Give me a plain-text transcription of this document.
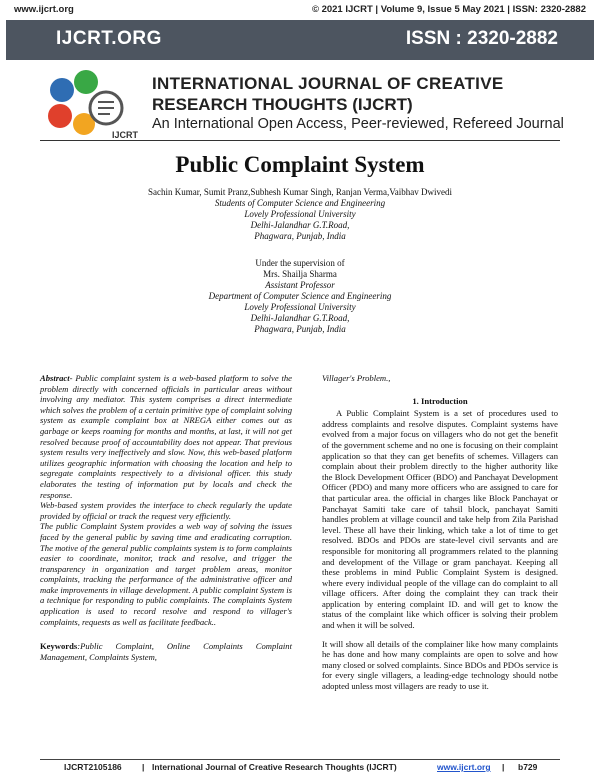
www.ijcrt.org	© 2021 IJCRT | Volume 9, Issue 5 May 2021 | ISSN: 2320-2882
IJCRT.ORG	ISSN : 2320-2882
IJCRT
INTERNATIONAL JOURNAL OF CREATIVE
RESEARCH THOUGHTS (IJCRT)
An International Open Access, Peer-reviewed, Refereed Journal
Public Complaint System
Sachin Kumar, Sumit Pranz,Subhesh Kumar Singh, Ranjan Verma,Vaibhav Dwivedi
Students of Computer Science and Engineering
Lovely Professional University
Delhi-Jalandhar G.T.Road,
Phagwara, Punjab, India
Under the supervision of
Mrs. Shailja Sharma
Assistant Professor
Department of Computer Science and Engineering
Lovely Professional University
Delhi-Jalandhar G.T.Road,
Phagwara, Punjab, India

Abstract- Public complaint system is a web-based platform to solve the problem directly with concerned officials in particular areas without involving any mediator. This system comprises a direct intermediate which solves the problem of a certain primitive type of complaint solving system as example complaint box at NREGA either comes out as garbage or keeps roaming for months and months, at last, it will not get resolved because proof of accountability does not appear. That previous system results very ineffectively and slow. Now, this web-based platform utilizes geographic information with choosing the location and help to segregate complaints respectively to a divisional officer. this study elaborates the testing of information put by locals and check the response.

Web-based system provides the interface to check regularly the update provided by official or track the request very efficiently.

The public Complaint System provides a web way of solving the issues faced by the general public by saving time and eradicating corruption. The motive of the general public complaints system is to form complaints easier to coordinate, monitor, track and resolve, and trigger the transparency in organization and target problem areas, monitor complaints, tracking the performance of the administrative officer and make improvements in village development. A public complaint System is a technique for responding to public complaints. The complaints System application is used to record resolve and respond to villager's complaints, requests as well as facilitate feedback..

Keywords:Public Complaint, Online Complaints Complaint Management, Complaints System,

Villager's Problem.,

1. Introduction

A Public Complaint System is a set of procedures used to address complaints and resolve disputes. Complaint systems have evolved from a major focus on villagers who do not get the benefit of the government scheme and no one is focusing on their complaint application so that they can get benefits of schemes. Villagers can complain about their problem directly to the higher authority like the Block Development Officer (BDO) and Panchayat Development Officer (PDO) and many more officers who are assigned to care for that particular area. the official in charges like Block Panchayat or Panchayat Samiti take care of tahsil block, panchayat Samiti handles problem at village council and take help from Zila Parishad level. These all have their linking, which take a lot of time to get resolved. BDOs and PDOs are state-level civil servants and are responsible for monitoring all programmers related to the planning and development of the Village or gram panchayat. Keeping all these problems in mind Public Complaint System is designed. where every individual people of the village can do complaint to all village officers. After doing the complaint they can track their application by entering complaint ID. and will get to know the status of the complaint like which officer is solving their problem and when it will be solved.

It will show all details of the complainer like how many complaints he has done and how many complaints are open to solve and how many closed or solved complaints. Since BDOs and PDOs service is for every single villagers, a leading-edge technology should notbe adopted unless most villagers are ready to use it.

IJCRT2105186 | International Journal of Creative Research Thoughts (IJCRT)	www.ijcrt.org | b729
